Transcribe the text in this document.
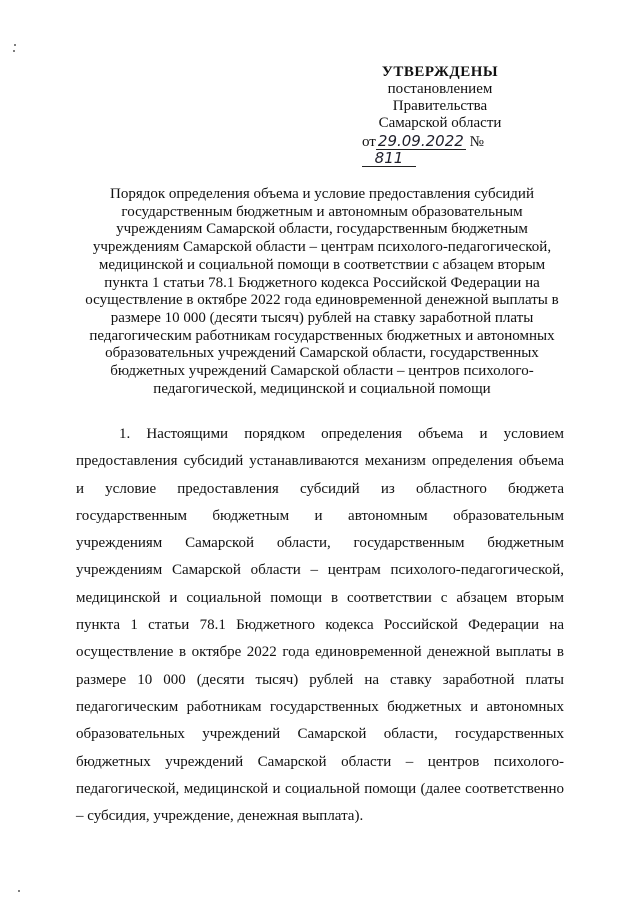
УТВЕРЖДЕНЫ
постановлением Правительства
Самарской области
от 29.09.2022 № 811
Порядок определения объема и условие предоставления субсидий государственным бюджетным и автономным образовательным учреждениям Самарской области, государственным бюджетным учреждениям Самарской области – центрам психолого-педагогической, медицинской и социальной помощи в соответствии с абзацем вторым пункта 1 статьи 78.1 Бюджетного кодекса Российской Федерации на осуществление в октябре 2022 года единовременной денежной выплаты в размере 10 000 (десяти тысяч) рублей на ставку заработной платы педагогическим работникам государственных бюджетных и автономных образовательных учреждений Самарской области, государственных бюджетных учреждений Самарской области – центров психолого-педагогической, медицинской и социальной помощи
1. Настоящими порядком определения объема и условием предоставления субсидий устанавливаются механизм определения объема и условие предоставления субсидий из областного бюджета государственным бюджетным и автономным образовательным учреждениям Самарской области, государственным бюджетным учреждениям Самарской области – центрам психолого-педагогической, медицинской и социальной помощи в соответствии с абзацем вторым пункта 1 статьи 78.1 Бюджетного кодекса Российской Федерации на осуществление в октябре 2022 года единовременной денежной выплаты в размере 10 000 (десяти тысяч) рублей на ставку заработной платы педагогическим работникам государственных бюджетных и автономных образовательных учреждений Самарской области, государственных бюджетных учреждений Самарской области – центров психолого-педагогической, медицинской и социальной помощи (далее соответственно – субсидия, учреждение, денежная выплата).
